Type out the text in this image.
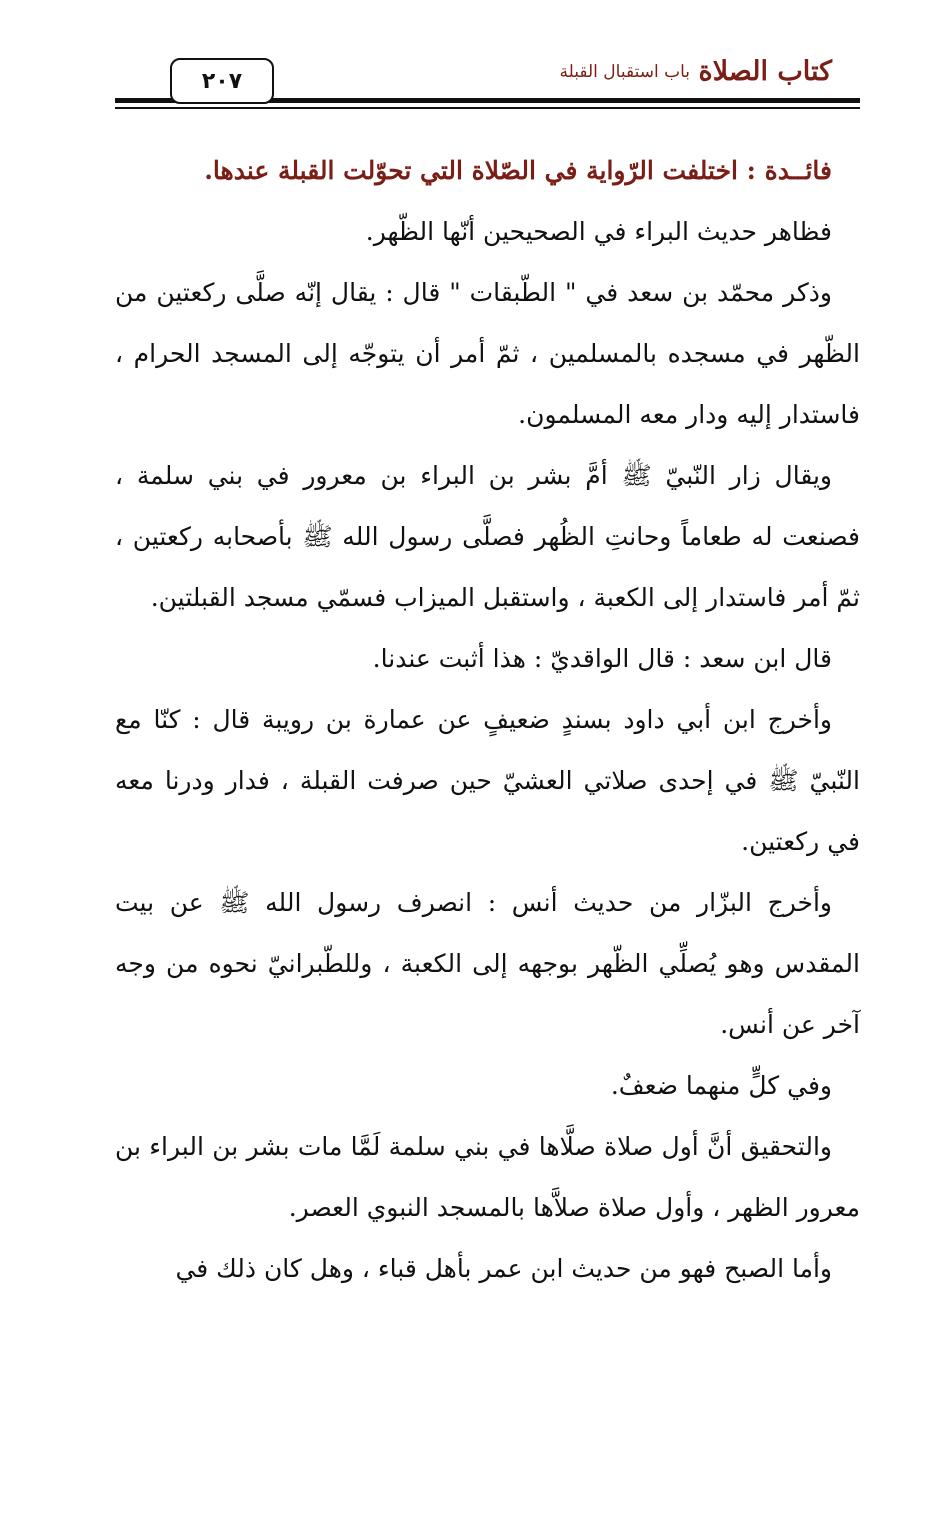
٢٠٧	باب استقبال القبلة كتاب الصلاة

فائــدة : اختلفت الرّواية في الصّلاة التي تحوّلت القبلة عندها.

فظاهر حديث البراء في الصحيحين أنّها الظّهر.

وذكر محمّد بن سعد في " الطّبقات " قال : يقال إنّه صلَّى ركعتين من الظّهر في مسجده بالمسلمين ، ثمّ أمر أن يتوجّه إلى المسجد الحرام ، فاستدار إليه ودار معه المسلمون.

ويقال زار النّبيّ ﷺ أمَّ بشر بن البراء بن معرور في بني سلمة ، فصنعت له طعاماً وحانتِ الظُهر فصلَّى رسول الله ﷺ بأصحابه ركعتين ، ثمّ أمر فاستدار إلى الكعبة ، واستقبل الميزاب فسمّي مسجد القبلتين.

قال ابن سعد : قال الواقديّ : هذا أثبت عندنا.

وأخرج ابن أبي داود بسندٍ ضعيفٍ عن عمارة بن رويبة قال : كنّا مع النّبيّ ﷺ في إحدى صلاتي العشيّ حين صرفت القبلة ، فدار ودرنا معه في ركعتين.

وأخرج البزّار من حديث أنس : انصرف رسول الله ﷺ عن بيت المقدس وهو يُصلِّي الظّهر بوجهه إلى الكعبة ، وللطّبرانيّ نحوه من وجه آخر عن أنس.

وفي كلٍّ منهما ضعفٌ.

والتحقيق أنَّ أول صلاة صلَّاها في بني سلمة لَمَّا مات بشر بن البراء بن معرور الظهر ، وأول صلاة صلاَّها بالمسجد النبوي العصر.

وأما الصبح فهو من حديث ابن عمر بأهل قباء ، وهل كان ذلك في
